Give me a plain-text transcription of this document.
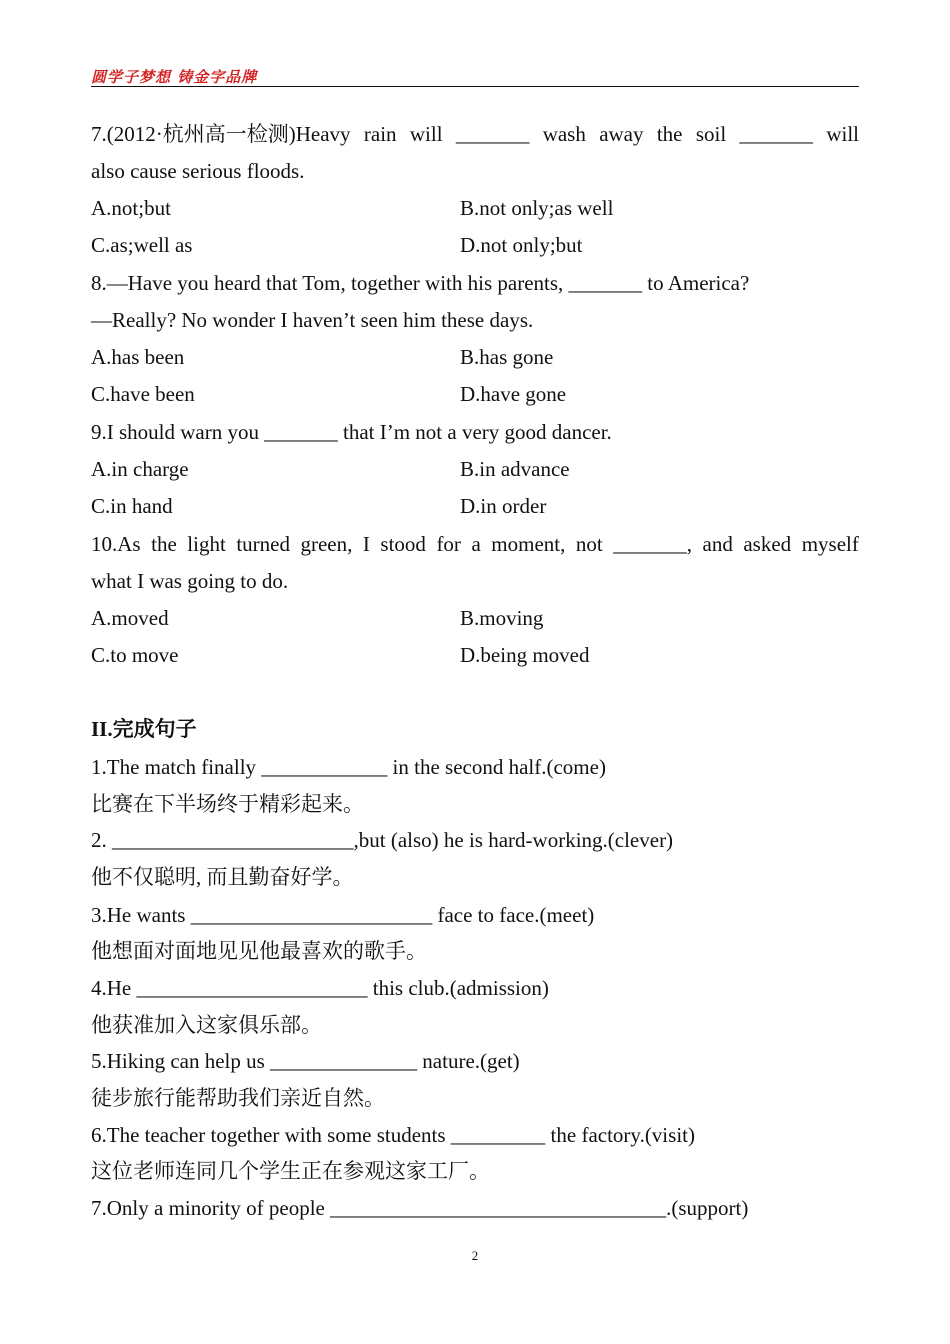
圆学子梦想 铸金字品牌
7.(2012·杭州高一检测)Heavy rain will _______ wash away the soil _______ will
also cause serious floods.
A.not;but	B.not only;as well
C.as;well as	D.not only;but
8.—Have you heard that Tom, together with his parents, _______ to America?
—Really? No wonder I haven’t seen him these days.
A.has been	B.has gone
C.have been	D.have gone
9.I should warn you _______ that I’m not a very good dancer.
A.in charge	B.in advance
C.in hand	D.in order
10.As the light turned green, I stood for a moment, not _______, and asked myself
what I was going to do.
A.moved	B.moving
C.to move	D.being moved
II.完成句子
1.The match finally ____________ in the second half.(come)
比赛在下半场终于精彩起来。
2. _______________________,but (also) he is hard-working.(clever)
他不仅聪明, 而且勤奋好学。
3.He wants _______________________ face to face.(meet)
他想面对面地见见他最喜欢的歌手。
4.He ______________________ this club.(admission)
他获准加入这家俱乐部。
5.Hiking can help us ______________ nature.(get)
徒步旅行能帮助我们亲近自然。
6.The teacher together with some students _________ the factory.(visit)
这位老师连同几个学生正在参观这家工厂。
7.Only a minority of people ________________________________.(support)
2
